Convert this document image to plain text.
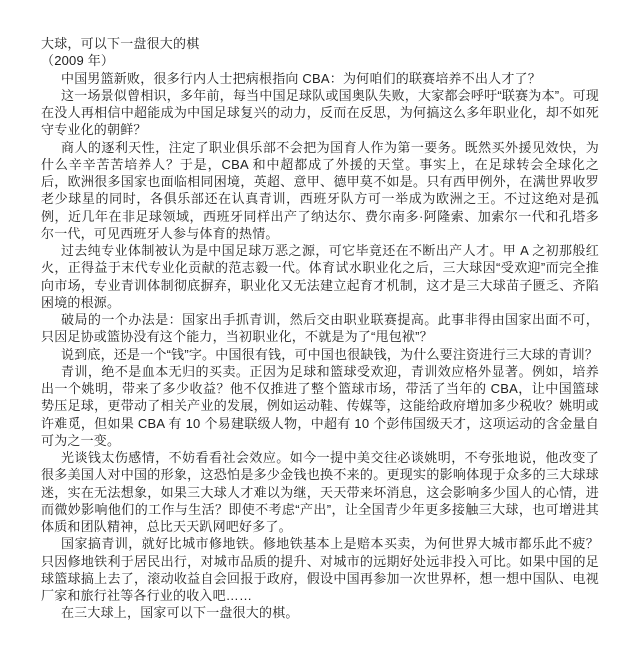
大球，可以下一盘很大的棋

（2009 年）

中国男篮新败，很多行内人士把病根指向 CBA：为何咱们的联赛培养不出人才了？

这一场景似曾相识，多年前，每当中国足球队或国奥队失败，大家都会呼吁“联赛为本”。可现在没人再相信中超能成为中国足球复兴的动力，反而在反思，为何搞这么多年职业化，却不如死守专业化的朝鲜？

商人的逐利天性，注定了职业俱乐部不会把为国育人作为第一要务。既然买外援见效快，为什么辛辛苦苦培养人？于是，CBA 和中超都成了外援的天堂。事实上，在足球转会全球化之后，欧洲很多国家也面临相同困境，英超、意甲、德甲莫不如是。只有西甲例外，在满世界收罗老少球星的同时，各俱乐部还在认真青训，西班牙队方可一举成为欧洲之王。不过这绝对是孤例，近几年在非足球领域，西班牙同样出产了纳达尔、费尔南多·阿隆索、加索尔一代和孔塔多尔一代，可见西班牙人参与体育的热情。

过去纯专业体制被认为是中国足球万恶之源，可它毕竟还在不断出产人才。甲 A 之初那般红火，正得益于末代专业化贡献的范志毅一代。体育试水职业化之后，三大球因“受欢迎”而完全推向市场，专业青训体制彻底摒弃，职业化又无法建立起育才机制，这才是三大球苗子匮乏、齐陷困境的根源。

破局的一个办法是：国家出手抓青训，然后交由职业联赛提高。此事非得由国家出面不可，只因足协或篮协没有这个能力，当初职业化，不就是为了“甩包袱”？

说到底，还是一个“钱”字。中国很有钱，可中国也很缺钱，为什么要注资进行三大球的青训？

青训，绝不是血本无归的买卖。正因为足球和篮球受欢迎，青训效应格外显著。例如，培养出一个姚明，带来了多少收益？他不仅推进了整个篮球市场，带活了当年的 CBA，让中国篮球势压足球，更带动了相关产业的发展，例如运动鞋、传媒等，这能给政府增加多少税收？姚明或许难觅，但如果 CBA 有 10 个易建联级人物，中超有 10 个彭伟国级天才，这项运动的含金量自可为之一变。

光谈钱太伤感情，不妨看看社会效应。如今一提中美交往必谈姚明，不夸张地说，他改变了很多美国人对中国的形象，这恐怕是多少金钱也换不来的。更现实的影响体现于众多的三大球球迷，实在无法想象，如果三大球人才难以为继，天天带来坏消息，这会影响多少国人的心情，进而微妙影响他们的工作与生活？即使不考虑“产出”，让全国青少年更多接触三大球，也可增进其体质和团队精神，总比天天趴网吧好多了。

国家搞青训，就好比城市修地铁。修地铁基本上是赔本买卖，为何世界大城市都乐此不疲？只因修地铁利于居民出行，对城市品质的提升、对城市的远期好处远非投入可比。如果中国的足球篮球搞上去了，滚动收益自会回报于政府，假设中国再参加一次世界杯，想一想中国队、电视厂家和旅行社等各行业的收入吧……

在三大球上，国家可以下一盘很大的棋。
